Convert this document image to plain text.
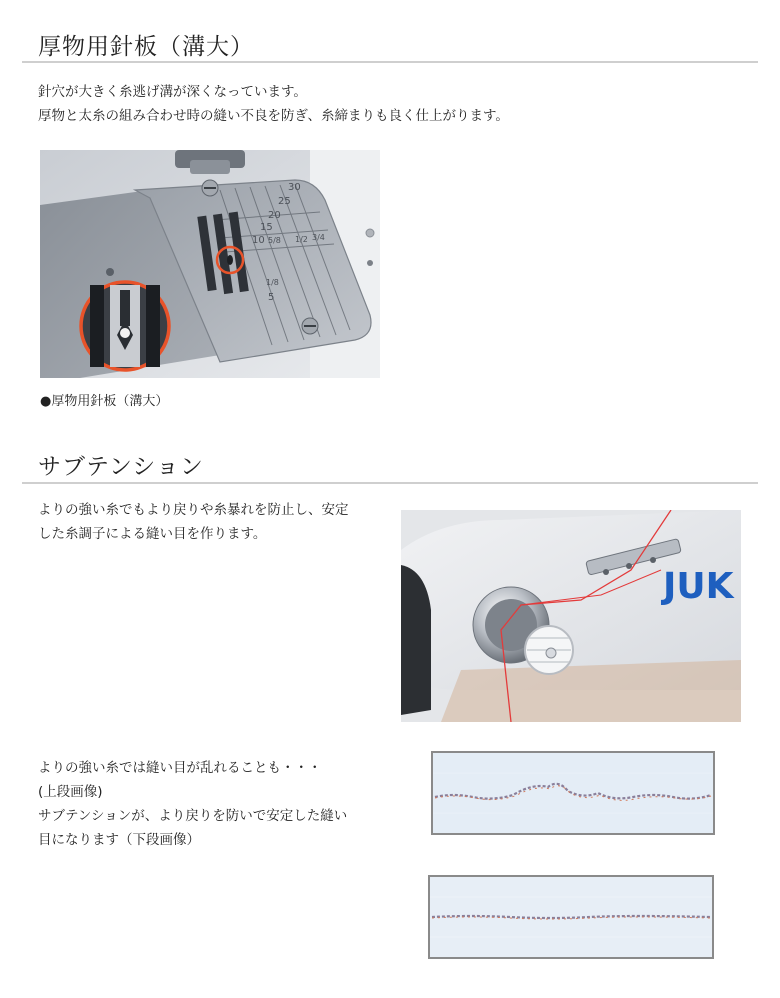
厚物用針板（溝大）
針穴が大きく糸逃げ溝が深くなっています。
厚物と太糸の組み合わせ時の縫い不良を防ぎ、糸締まりも良く仕上がります。
30
25
20
15
10 5/8 1/2 3/4
1/8
5
●厚物用針板（溝大）
サブテンション
よりの強い糸でもより戻りや糸暴れを防止し、安定
した糸調子による縫い目を作ります。
JUK
よりの強い糸では縫い目が乱れることも・・・
(上段画像)
サブテンションが、より戻りを防いで安定した縫い
目になります（下段画像）
